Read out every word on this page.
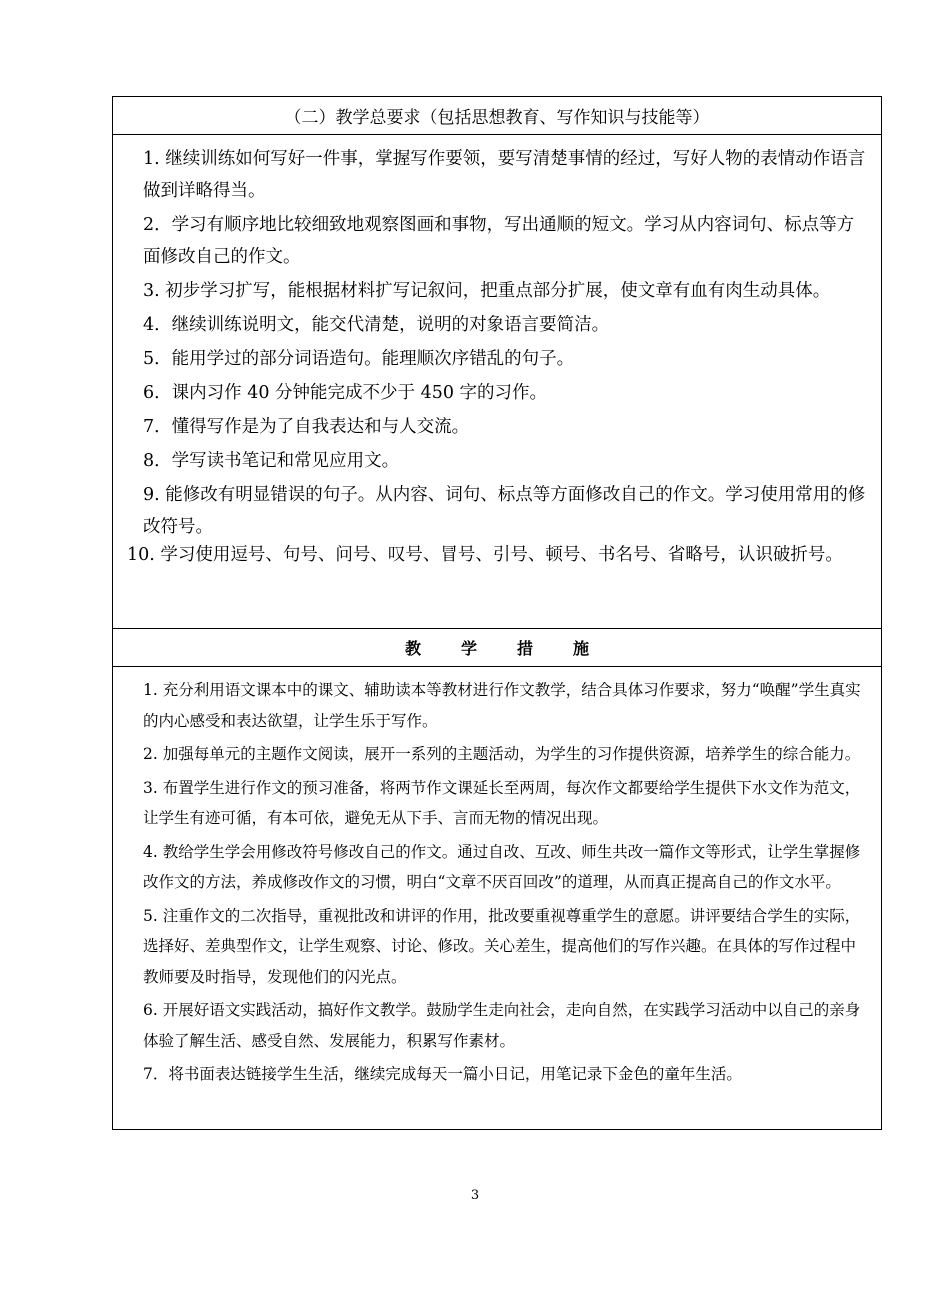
（二）教学总要求（包括思想教育、写作知识与技能等）

1. 继续训练如何写好一件事，掌握写作要领，要写清楚事情的经过，写好人物的表情动作语言做到详略得当。

2．学习有顺序地比较细致地观察图画和事物，写出通顺的短文。学习从内容词句、标点等方面修改自己的作文。

3. 初步学习扩写，能根据材料扩写记叙问，把重点部分扩展，使文章有血有肉生动具体。

4．继续训练说明文，能交代清楚，说明的对象语言要简洁。

5．能用学过的部分词语造句。能理顺次序错乱的句子。

6．课内习作 40 分钟能完成不少于 450 字的习作。

7．懂得写作是为了自我表达和与人交流。

8．学写读书笔记和常见应用文。

9. 能修改有明显错误的句子。从内容、词句、标点等方面修改自己的作文。学习使用常用的修改符号。

10. 学习使用逗号、句号、问号、叹号、冒号、引号、顿号、书名号、省略号，认识破折号。

教学措施

1. 充分利用语文课本中的课文、辅助读本等教材进行作文教学，结合具体习作要求，努力“唤醒”学生真实的内心感受和表达欲望，让学生乐于写作。

2. 加强每单元的主题作文阅读，展开一系列的主题活动，为学生的习作提供资源，培养学生的综合能力。

3. 布置学生进行作文的预习准备，将两节作文课延长至两周，每次作文都要给学生提供下水文作为范文，让学生有迹可循，有本可依，避免无从下手、言而无物的情况出现。

4. 教给学生学会用修改符号修改自己的作文。通过自改、互改、师生共改一篇作文等形式，让学生掌握修改作文的方法，养成修改作文的习惯，明白“文章不厌百回改”的道理，从而真正提高自己的作文水平。

5. 注重作文的二次指导，重视批改和讲评的作用，批改要重视尊重学生的意愿。讲评要结合学生的实际，选择好、差典型作文，让学生观察、讨论、修改。关心差生，提高他们的写作兴趣。在具体的写作过程中教师要及时指导，发现他们的闪光点。

6. 开展好语文实践活动，搞好作文教学。鼓励学生走向社会，走向自然，在实践学习活动中以自己的亲身体验了解生活、感受自然、发展能力，积累写作素材。

7．将书面表达链接学生生活，继续完成每天一篇小日记，用笔记录下金色的童年生活。

3
